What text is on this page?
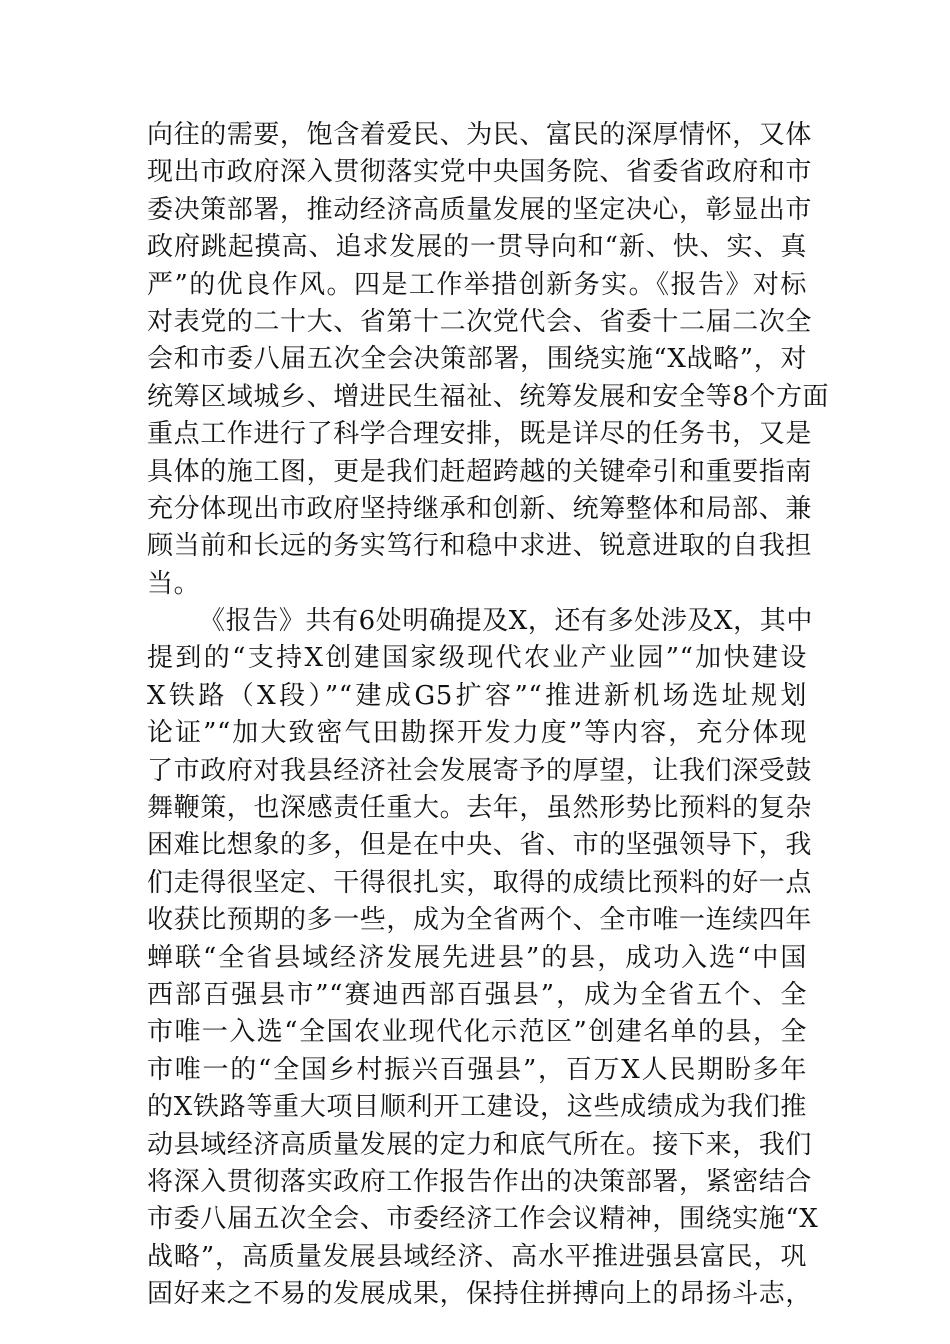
向往的需要，饱含着爱民、为民、富民的深厚情怀，又体
现出市政府深入贯彻落实党中央国务院、省委省政府和市
委决策部署，推动经济高质量发展的坚定决心，彰显出市
政府跳起摸高、追求发展的一贯导向和“新、快、实、真
严”的优良作风。四是工作举措创新务实。《报告》对标
对表党的二十大、省第十二次党代会、省委十二届二次全
会和市委八届五次全会决策部署，围绕实施“X战略”，对
统筹区域城乡、增进民生福祉、统筹发展和安全等8个方面
重点工作进行了科学合理安排，既是详尽的任务书，又是
具体的施工图，更是我们赶超跨越的关键牵引和重要指南
充分体现出市政府坚持继承和创新、统筹整体和局部、兼
顾当前和长远的务实笃行和稳中求进、锐意进取的自我担
当。
《报告》共有6处明确提及X，还有多处涉及X，其中
提到的“支持X创建国家级现代农业产业园”“加快建设
X铁路（X段）”“建成G5扩容”“推进新机场选址规划
论证”“加大致密气田勘探开发力度”等内容，充分体现
了市政府对我县经济社会发展寄予的厚望，让我们深受鼓
舞鞭策，也深感责任重大。去年，虽然形势比预料的复杂
困难比想象的多，但是在中央、省、市的坚强领导下，我
们走得很坚定、干得很扎实，取得的成绩比预料的好一点
收获比预期的多一些，成为全省两个、全市唯一连续四年
蝉联“全省县域经济发展先进县”的县，成功入选“中国
西部百强县市”“赛迪西部百强县”，成为全省五个、全
市唯一入选“全国农业现代化示范区”创建名单的县，全
市唯一的“全国乡村振兴百强县”，百万X人民期盼多年
的X铁路等重大项目顺利开工建设，这些成绩成为我们推
动县域经济高质量发展的定力和底气所在。接下来，我们
将深入贯彻落实政府工作报告作出的决策部署，紧密结合
市委八届五次全会、市委经济工作会议精神，围绕实施“X
战略”，高质量发展县域经济、高水平推进强县富民，巩
固好来之不易的发展成果，保持住拼搏向上的昂扬斗志，
